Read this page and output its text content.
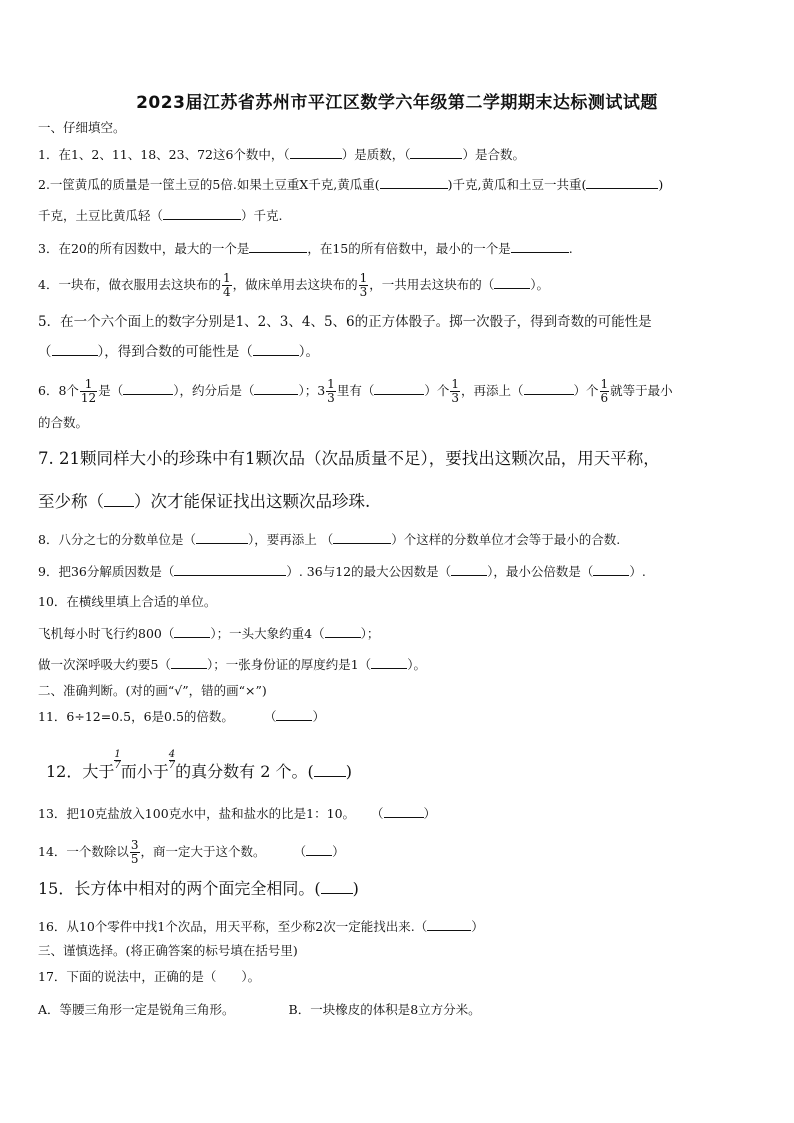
2023届江苏省苏州市平江区数学六年级第二学期期末达标测试试题
一、仔细填空。
1．在1、2、11、18、23、72这6个数中，（	）是质数，（	）是合数。
2.一筐黄瓜的质量是一筐土豆的5倍.如果土豆重X千克,黄瓜重(	)千克,黄瓜和土豆一共重(	)
千克，土豆比黄瓜轻（	）千克.
3．在20的所有因数中，最大的一个是	，在15的所有倍数中，最小的一个是	.
4．一块布，做衣服用去这块布的 $\frac{1}{4}$ ，做床单用去这块布的 $\frac{1}{3}$ ，一共用去这块布的（	）。
5．在一个六个面上的数字分别是1、2、3、4、5、6的正方体骰子。掷一次骰子，得到奇数的可能性是
（	），得到合数的可能性是（	）。
6．8个 $\frac{1}{12}$ 是（	），约分后是（	）；$3 \frac{1}{3}$ 里有（	）个 $\frac{1}{3}$ ，再添上（	）个 $\frac{1}{6}$ 就等于最小
的合数。
7. 21颗同样大小的珍珠中有1颗次品（次品质量不足），要找出这颗次品，用天平称，
至少称（ ）次才能保证找出这颗次品珍珠.
8．八分之七的分数单位是（	），要再添上 （	）个这样的分数单位才会等于最小的合数.
9．把36分解质因数是（	）. 36与12的最大公因数是（	），最小公倍数是（	）.
10．在横线里填上合适的单位。
飞机每小时飞行约800（	）；一头大象约重4（	）；
做一次深呼吸大约要5（	）；一张身份证的厚度约是1（	）。
二、准确判断。(对的画“√”，错的画“×”)
11．6÷12=0.5，6是0.5的倍数。 （	）
12．大于
$\frac{1}{7}$
而小于
$\frac{4}{7}$
的真分数有 2 个。( )
13．把10克盐放入100克水中，盐和盐水的比是1：10。 （	）
14．一个数除以 $\frac{3}{5}$ ，商一定大于这个数。 （ ）
15．长方体中相对的两个面完全相同。( )
16．从10个零件中找1个次品，用天平称，至少称2次一定能找出来.（	）
三、谨慎选择。(将正确答案的标号填在括号里)
17．下面的说法中，正确的是（　　）。
A．等腰三角形一定是锐角三角形。	B．一块橡皮的体积是8立方分米。
